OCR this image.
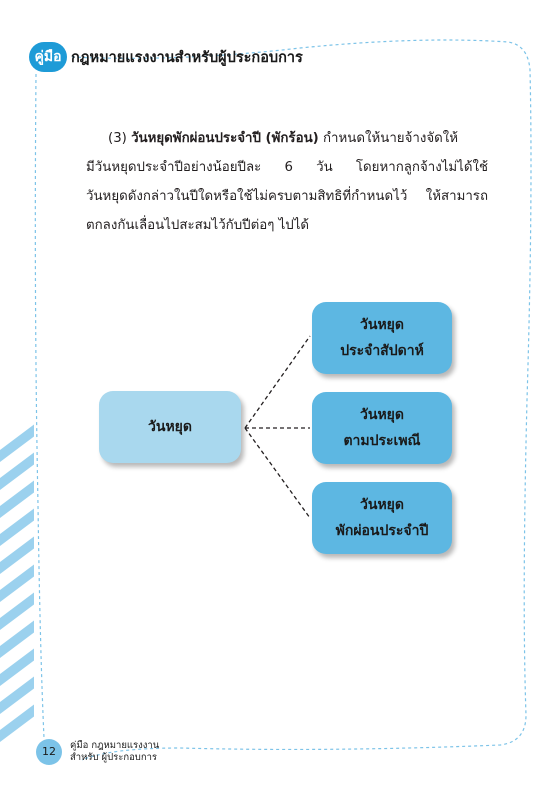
คู่มือ กฎหมายแรงงานสำหรับผู้ประกอบการ
(3) วันหยุดพักผ่อนประจำปี (พักร้อน) กำหนดให้นายจ้างจัดให้
มีวันหยุดประจำปีอย่างน้อยปีละ 6 วัน โดยหากลูกจ้างไม่ได้ใช้
วันหยุดดังกล่าวในปีใดหรือใช้ไม่ครบตามสิทธิที่กำหนดไว้ ให้สามารถ
ตกลงกันเลื่อนไปสะสมไว้กับปีต่อๆ ไปได้
วันหยุด
วันหยุด
ประจำสัปดาห์
วันหยุด
ตามประเพณี
วันหยุด
พักผ่อนประจำปี
12	คู่มือ กฎหมายแรงงาน
สำหรับ ผู้ประกอบการ
